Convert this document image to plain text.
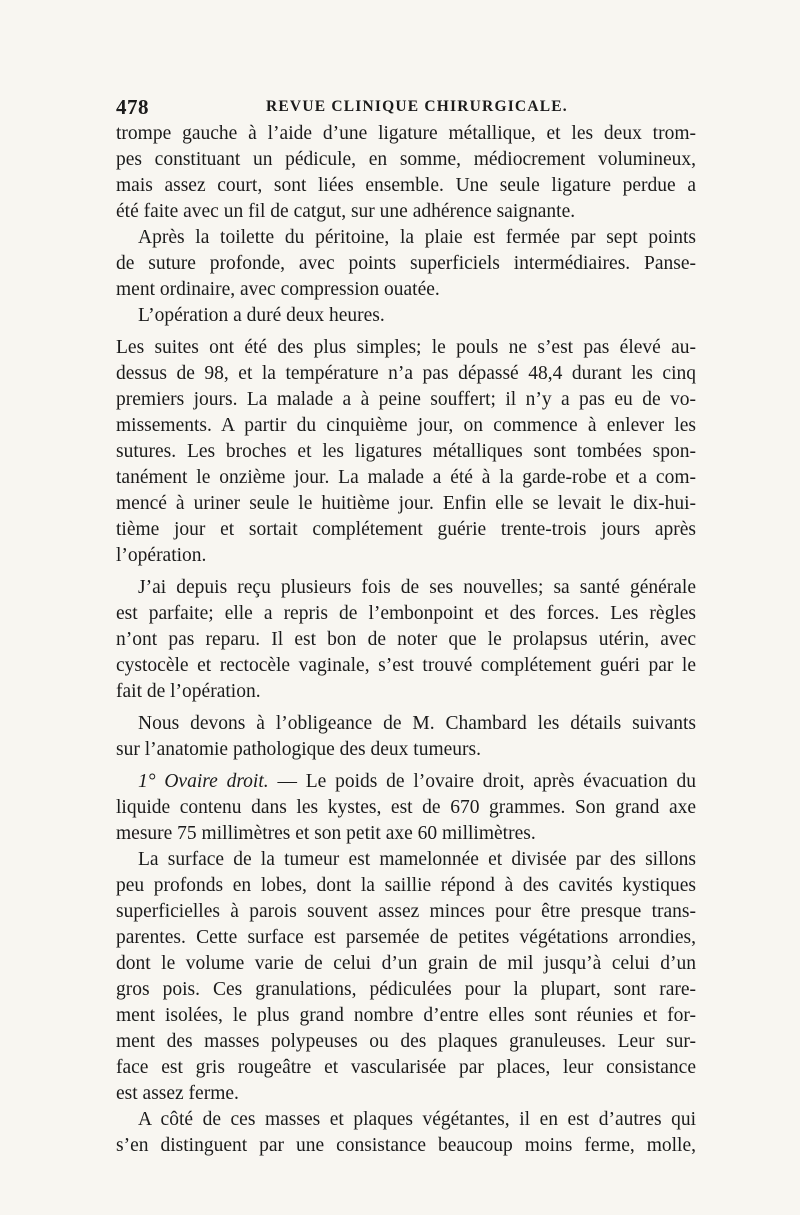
478	REVUE CLINIQUE CHIRURGICALE.
trompe gauche à l’aide d’une ligature métallique, et les deux trom-
pes constituant un pédicule, en somme, médiocrement volumineux,
mais assez court, sont liées ensemble. Une seule ligature perdue a
été faite avec un fil de catgut, sur une adhérence saignante.
Après la toilette du péritoine, la plaie est fermée par sept points
de suture profonde, avec points superficiels intermédiaires. Panse-
ment ordinaire, avec compression ouatée.
L’opération a duré deux heures.
Les suites ont été des plus simples; le pouls ne s’est pas élevé au-
dessus de 98, et la température n’a pas dépassé 48,4 durant les cinq
premiers jours. La malade a à peine souffert; il n’y a pas eu de vo-
missements. A partir du cinquième jour, on commence à enlever les
sutures. Les broches et les ligatures métalliques sont tombées spon-
tanément le onzième jour. La malade a été à la garde-robe et a com-
mencé à uriner seule le huitième jour. Enfin elle se levait le dix-hui-
tième jour et sortait complétement guérie trente-trois jours après
l’opération.
J’ai depuis reçu plusieurs fois de ses nouvelles; sa santé générale
est parfaite; elle a repris de l’embonpoint et des forces. Les règles
n’ont pas reparu. Il est bon de noter que le prolapsus utérin, avec
cystocèle et rectocèle vaginale, s’est trouvé complétement guéri par le
fait de l’opération.
Nous devons à l’obligeance de M. Chambard les détails suivants
sur l’anatomie pathologique des deux tumeurs.
1° Ovaire droit. — Le poids de l’ovaire droit, après évacuation du
liquide contenu dans les kystes, est de 670 grammes. Son grand axe
mesure 75 millimètres et son petit axe 60 millimètres.
La surface de la tumeur est mamelonnée et divisée par des sillons
peu profonds en lobes, dont la saillie répond à des cavités kystiques
superficielles à parois souvent assez minces pour être presque trans-
parentes. Cette surface est parsemée de petites végétations arrondies,
dont le volume varie de celui d’un grain de mil jusqu’à celui d’un
gros pois. Ces granulations, pédiculées pour la plupart, sont rare-
ment isolées, le plus grand nombre d’entre elles sont réunies et for-
ment des masses polypeuses ou des plaques granuleuses. Leur sur-
face est gris rougeâtre et vascularisée par places, leur consistance
est assez ferme.
A côté de ces masses et plaques végétantes, il en est d’autres qui
s’en distinguent par une consistance beaucoup moins ferme, molle,
